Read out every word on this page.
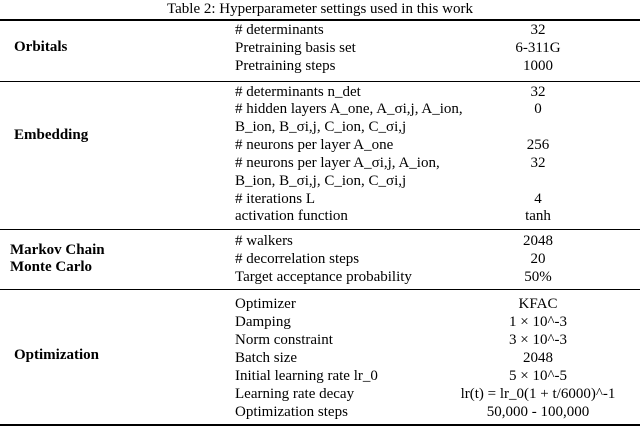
Table 2: Hyperparameter settings used in this work
Orbitals
# determinants	32
Pretraining basis set	6-311G
Pretraining steps	1000
Embedding
# determinants n_det	32
# hidden layers A_one, A_σi,j, A_ion,	0
B_ion, B_σi,j, C_ion, C_σi,j
# neurons per layer A_one	256
# neurons per layer A_σi,j, A_ion,	32
B_ion, B_σi,j, C_ion, C_σi,j
# iterations L	4
activation function	tanh
Markov Chain
Monte Carlo
# walkers	2048
# decorrelation steps	20
Target acceptance probability	50%
Optimization
Optimizer	KFAC
Damping	1 × 10^-3
Norm constraint	3 × 10^-3
Batch size	2048
Initial learning rate lr_0	5 × 10^-5
Learning rate decay	lr(t) = lr_0(1 + t/6000)^-1
Optimization steps	50,000 - 100,000
